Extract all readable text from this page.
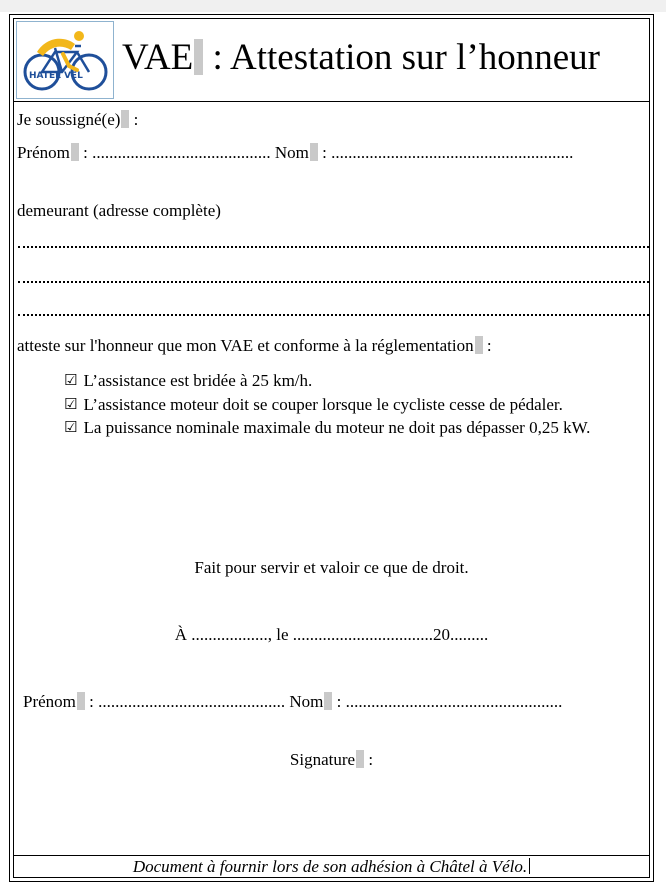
HATEL VEL VAE : Attestation sur l’honneur
Je soussigné(e) :
Prénom : .......................................... Nom : .........................................................
demeurant (adresse complète)
atteste sur l'honneur que mon VAE et conforme à la réglementation :
☑ L’assistance est bridée à 25 km/h.
☑ L’assistance moteur doit se couper lorsque le cycliste cesse de pédaler.
☑ La puissance nominale maximale du moteur ne doit pas dépasser 0,25 kW.
Fait pour servir et valoir ce que de droit.
À .................., le .................................20.........
Prénom : ............................................ Nom : ...................................................
Signature :
Document à fournir lors de son adhésion à Châtel à Vélo.
